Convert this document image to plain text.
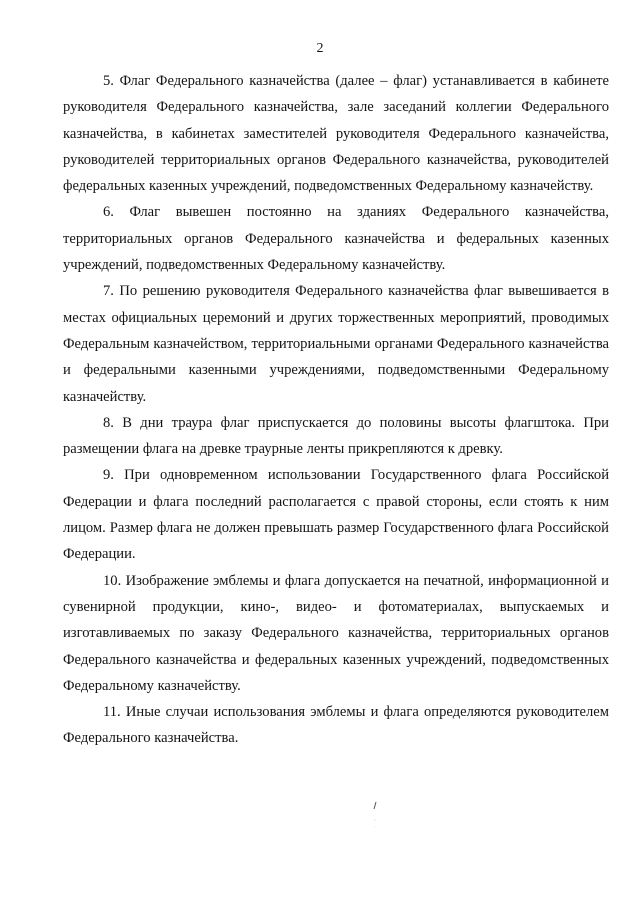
2

5. Флаг Федерального казначейства (далее – флаг) устанавливается в кабинете руководителя Федерального казначейства, зале заседаний коллегии Федерального казначейства, в кабинетах заместителей руководителя Федерального казначейства, руководителей территориальных органов Федерального казначейства, руководителей федеральных казенных учреждений, подведомственных Федеральному казначейству.

6. Флаг вывешен постоянно на зданиях Федерального казначейства, территориальных органов Федерального казначейства и федеральных казенных учреждений, подведомственных Федеральному казначейству.

7. По решению руководителя Федерального казначейства флаг вывешивается в местах официальных церемоний и других торжественных мероприятий, проводимых Федеральным казначейством, территориальными органами Федерального казначейства и федеральными казенными учреждениями, подведомственными Федеральному казначейству.

8. В дни траура флаг приспускается до половины высоты флагштока. При размещении флага на древке траурные ленты прикрепляются к древку.

9. При одновременном использовании Государственного флага Российской Федерации и флага последний располагается с правой стороны, если стоять к ним лицом. Размер флага не должен превышать размер Государственного флага Российской Федерации.

10. Изображение эмблемы и флага допускается на печатной, информационной и сувенирной продукции, кино-, видео- и фотоматериалах, выпускаемых и изготавливаемых по заказу Федерального казначейства, территориальных органов Федерального казначейства и федеральных казенных учреждений, подведомственных Федеральному казначейству.

11. Иные случаи использования эмблемы и флага определяются руководителем Федерального казначейства.
